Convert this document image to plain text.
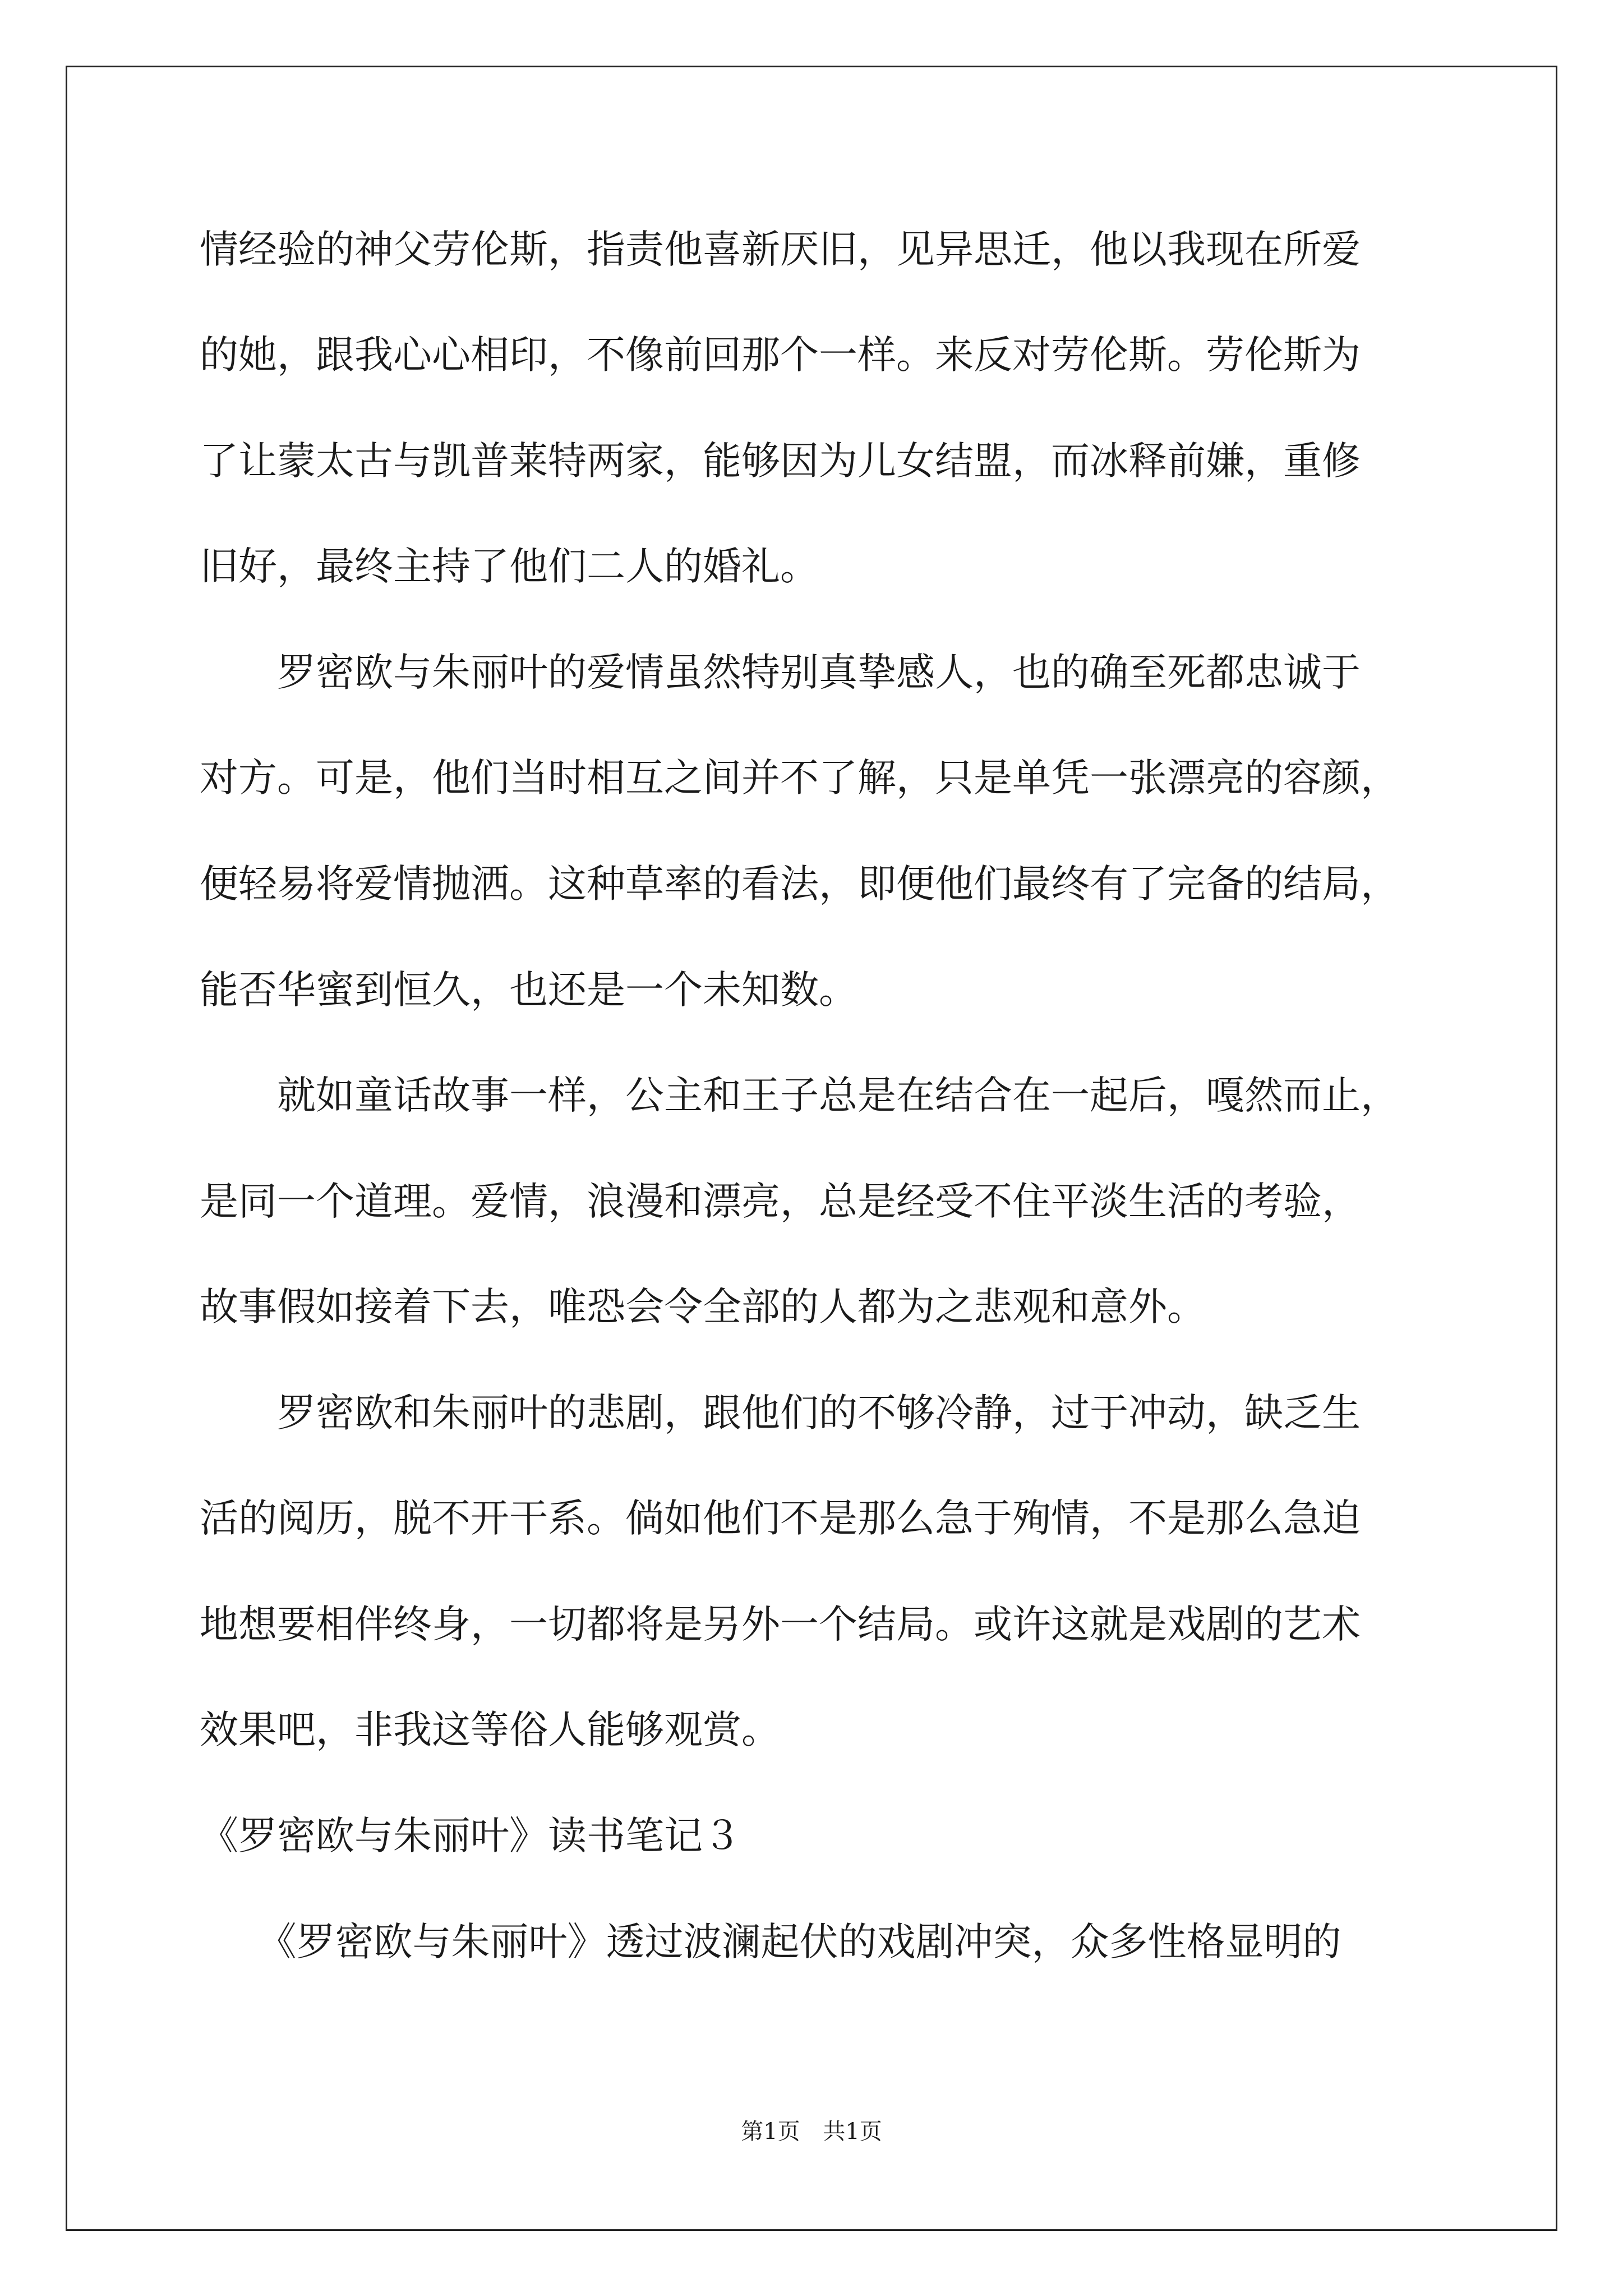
情经验的神父劳伦斯，指责他喜新厌旧，见异思迁，他以我现在所爱
的她，跟我心心相印，不像前回那个一样。来反对劳伦斯。劳伦斯为
了让蒙太古与凯普莱特两家，能够因为儿女结盟，而冰释前嫌，重修
旧好，最终主持了他们二人的婚礼。
　　罗密欧与朱丽叶的爱情虽然特别真挚感人，也的确至死都忠诚于
对方。可是，他们当时相互之间并不了解，只是单凭一张漂亮的容颜，
便轻易将爱情抛洒。这种草率的看法，即便他们最终有了完备的结局，
能否华蜜到恒久，也还是一个未知数。
　　就如童话故事一样，公主和王子总是在结合在一起后，嘎然而止，
是同一个道理。爱情，浪漫和漂亮，总是经受不住平淡生活的考验，
故事假如接着下去，唯恐会令全部的人都为之悲观和意外。
　　罗密欧和朱丽叶的悲剧，跟他们的不够冷静，过于冲动，缺乏生
活的阅历，脱不开干系。倘如他们不是那么急于殉情，不是那么急迫
地想要相伴终身，一切都将是另外一个结局。或许这就是戏剧的艺术
效果吧，非我这等俗人能够观赏。
《罗密欧与朱丽叶》读书笔记３
　　《罗密欧与朱丽叶》透过波澜起伏的戏剧冲突，众多性格显明的
第1页 共1页
